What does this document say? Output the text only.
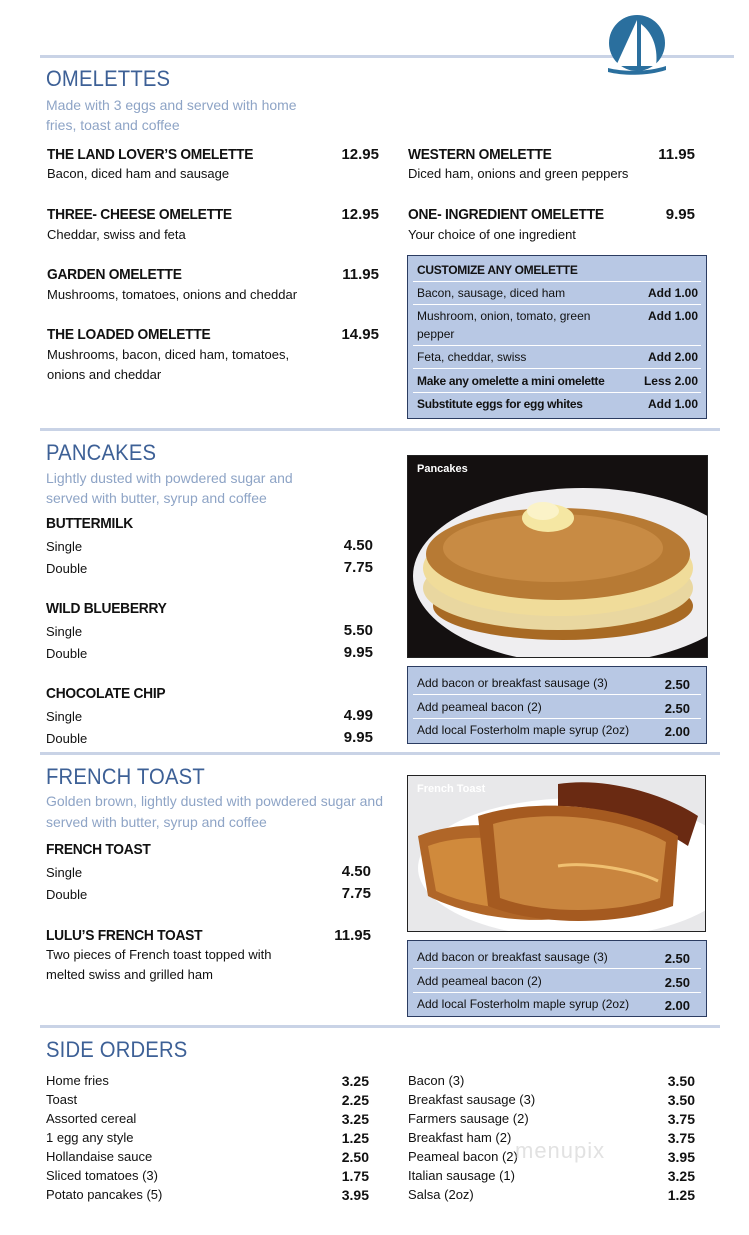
OMELETTES
Made with 3 eggs and served with home
fries, toast and coffee
THE LAND LOVER’S OMELETTE	12.95
Bacon, diced ham and sausage
THREE- CHEESE OMELETTE	12.95
Cheddar, swiss and feta
GARDEN OMELETTE	11.95
Mushrooms, tomatoes, onions and cheddar
THE LOADED OMELETTE	14.95
Mushrooms, bacon, diced ham, tomatoes,
onions and cheddar
WESTERN OMELETTE	11.95
Diced ham, onions and green peppers
ONE- INGREDIENT OMELETTE	9.95
Your choice of one ingredient
CUSTOMIZE ANY OMELETTE
Bacon, sausage, diced ham	Add 1.00
Mushroom, onion, tomato, green
pepper
Add 1.00
Feta, cheddar, swiss	Add 2.00
Make any omelette a mini omelette	Less 2.00
Substitute eggs for egg whites	Add 1.00
PANCAKES
Lightly dusted with powdered sugar and
served with butter, syrup and coffee
BUTTERMILK
Single	4.50
Double	7.75
WILD BLUEBERRY
Single	5.50
Double	9.95
CHOCOLATE CHIP
Single	4.99
Double	9.95
Pancakes
Add bacon or breakfast sausage (3)	2.50
Add peameal bacon (2)	2.50
Add local Fosterholm maple syrup (2oz)	2.00
FRENCH TOAST
Golden brown, lightly dusted with powdered sugar and
served with butter, syrup and coffee
FRENCH TOAST
Single	4.50
Double	7.75
LULU’S FRENCH TOAST	11.95
Two pieces of French toast topped with
melted swiss and grilled ham
French Toast
Add bacon or breakfast sausage (3)	2.50
Add peameal bacon (2)	2.50
Add local Fosterholm maple syrup (2oz)	2.00
SIDE ORDERS
Home fries	3.25
Toast	2.25
Assorted cereal	3.25
1 egg any style	1.25
Hollandaise sauce	2.50
Sliced tomatoes (3)	1.75
Potato pancakes (5)	3.95
Bacon (3)	3.50
Breakfast sausage (3)	3.50
Farmers sausage (2)	3.75
Breakfast ham (2)	3.75
Peameal bacon (2)	3.95
Italian sausage (1)	3.25
Salsa (2oz)	1.25
menupix
